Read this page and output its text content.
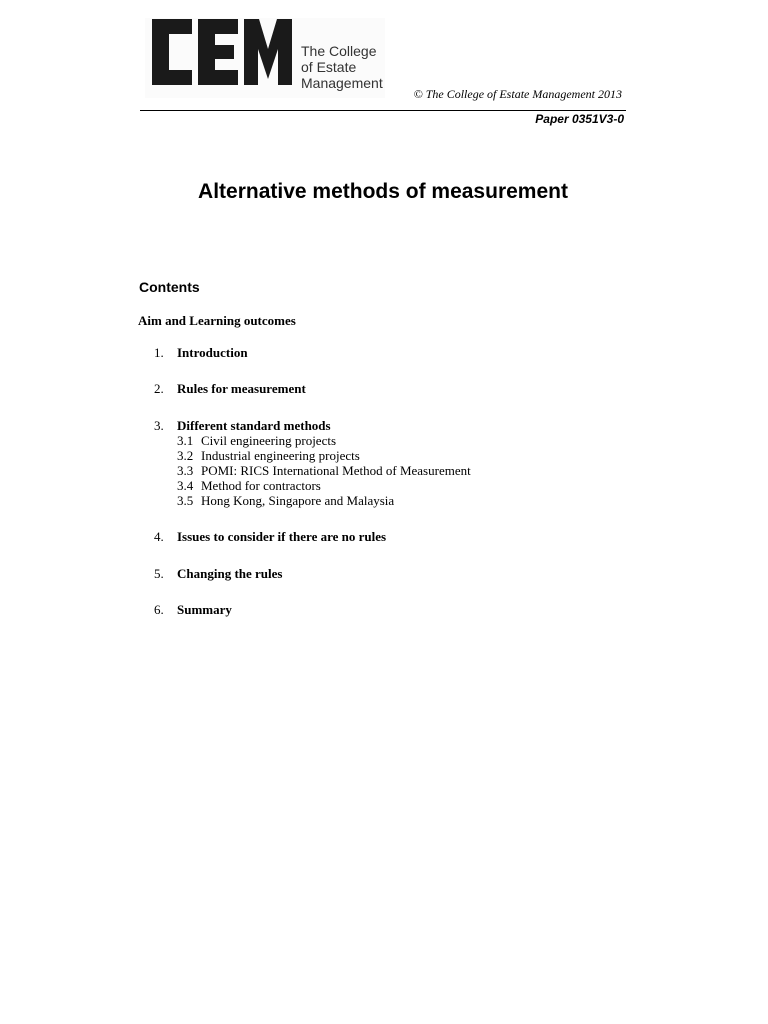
The College
of Estate
Management
© The College of Estate Management 2013
Paper 0351V3-0
Alternative methods of measurement
Contents
Aim and Learning outcomes
1. Introduction
2. Rules for measurement
3. Different standard methods
3.1 Civil engineering projects
3.2 Industrial engineering projects
3.3 POMI: RICS International Method of Measurement
3.4 Method for contractors
3.5 Hong Kong, Singapore and Malaysia
4. Issues to consider if there are no rules
5. Changing the rules
6. Summary
